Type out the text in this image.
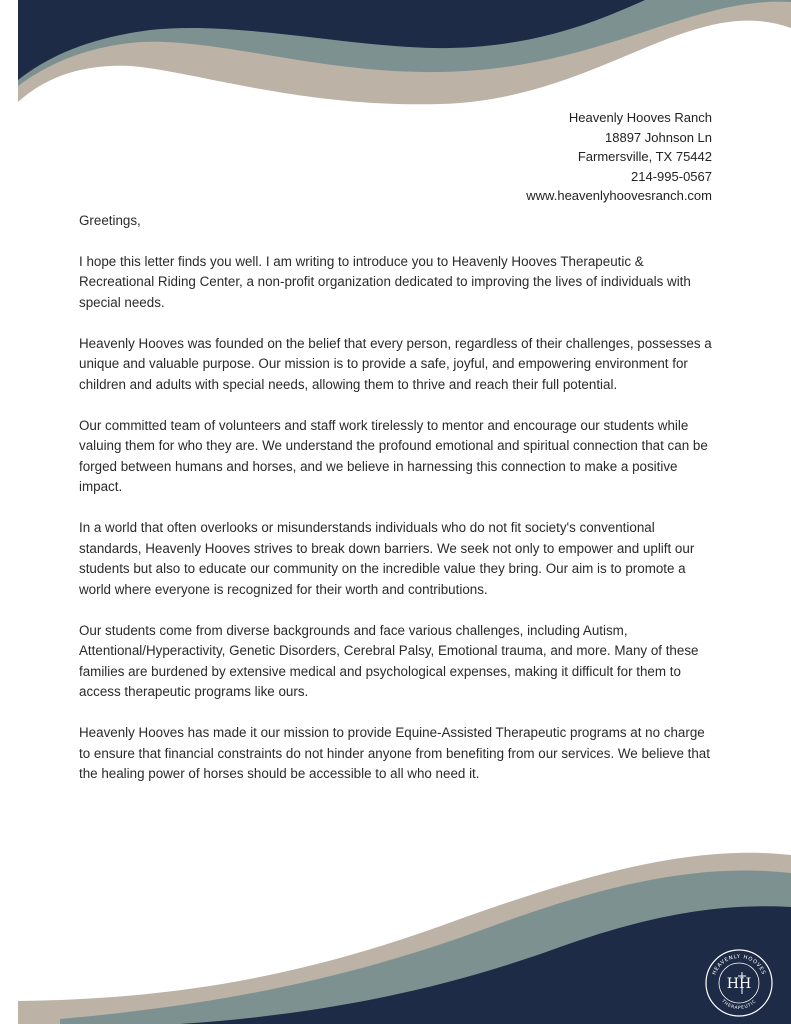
Heavenly Hooves Ranch
18897 Johnson Ln
Farmersville, TX 75442
214-995-0567
www.heavenlyhoovesranch.com

Greetings,

I hope this letter finds you well. I am writing to introduce you to Heavenly Hooves Therapeutic & Recreational Riding Center, a non-profit organization dedicated to improving the lives of individuals with special needs.

Heavenly Hooves was founded on the belief that every person, regardless of their challenges, possesses a unique and valuable purpose. Our mission is to provide a safe, joyful, and empowering environment for children and adults with special needs, allowing them to thrive and reach their full potential.

Our committed team of volunteers and staff work tirelessly to mentor and encourage our students while valuing them for who they are. We understand the profound emotional and spiritual connection that can be forged between humans and horses, and we believe in harnessing this connection to make a positive impact.

In a world that often overlooks or misunderstands individuals who do not fit society's conventional standards, Heavenly Hooves strives to break down barriers. We seek not only to empower and uplift our students but also to educate our community on the incredible value they bring. Our aim is to promote a world where everyone is recognized for their worth and contributions.

Our students come from diverse backgrounds and face various challenges, including Autism, Attentional/Hyperactivity, Genetic Disorders, Cerebral Palsy, Emotional trauma, and more. Many of these families are burdened by extensive medical and psychological expenses, making it difficult for them to access therapeutic programs like ours.

Heavenly Hooves has made it our mission to provide Equine-Assisted Therapeutic programs at no charge to ensure that financial constraints do not hinder anyone from benefiting from our services. We believe that the healing power of horses should be accessible to all who need it.

HEAVENLY HOOVES
THERAPEUTIC
HH
